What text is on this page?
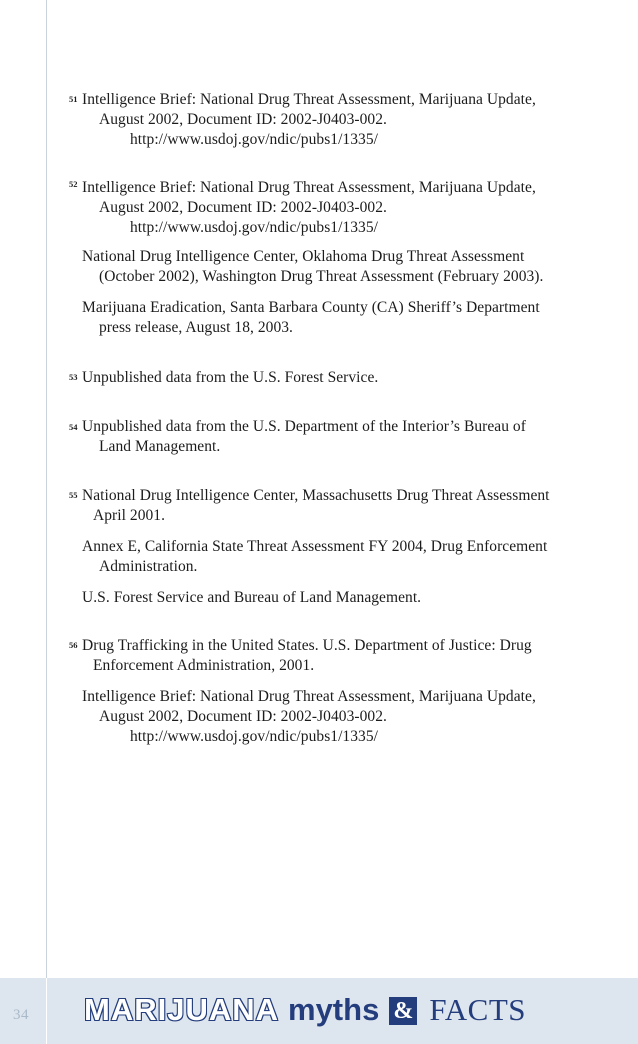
51 Intelligence Brief: National Drug Threat Assessment, Marijuana Update,
August 2002, Document ID: 2002-J0403-002.
http://www.usdoj.gov/ndic/pubs1/1335/
52 Intelligence Brief: National Drug Threat Assessment, Marijuana Update,
August 2002, Document ID: 2002-J0403-002.
http://www.usdoj.gov/ndic/pubs1/1335/
National Drug Intelligence Center, Oklahoma Drug Threat Assessment
(October 2002), Washington Drug Threat Assessment (February 2003).
Marijuana Eradication, Santa Barbara County (CA) Sheriff’s Department
press release, August 18, 2003.
53 Unpublished data from the U.S. Forest Service.
54 Unpublished data from the U.S. Department of the Interior’s Bureau of
Land Management.
55 National Drug Intelligence Center, Massachusetts Drug Threat Assessment
April 2001.
Annex E, California State Threat Assessment FY 2004, Drug Enforcement
Administration.
U.S. Forest Service and Bureau of Land Management.
56 Drug Trafficking in the United States. U.S. Department of Justice: Drug
Enforcement Administration, 2001.
Intelligence Brief: National Drug Threat Assessment, Marijuana Update,
August 2002, Document ID: 2002-J0403-002.
http://www.usdoj.gov/ndic/pubs1/1335/
34 MARIJUANA myths & FACTS
